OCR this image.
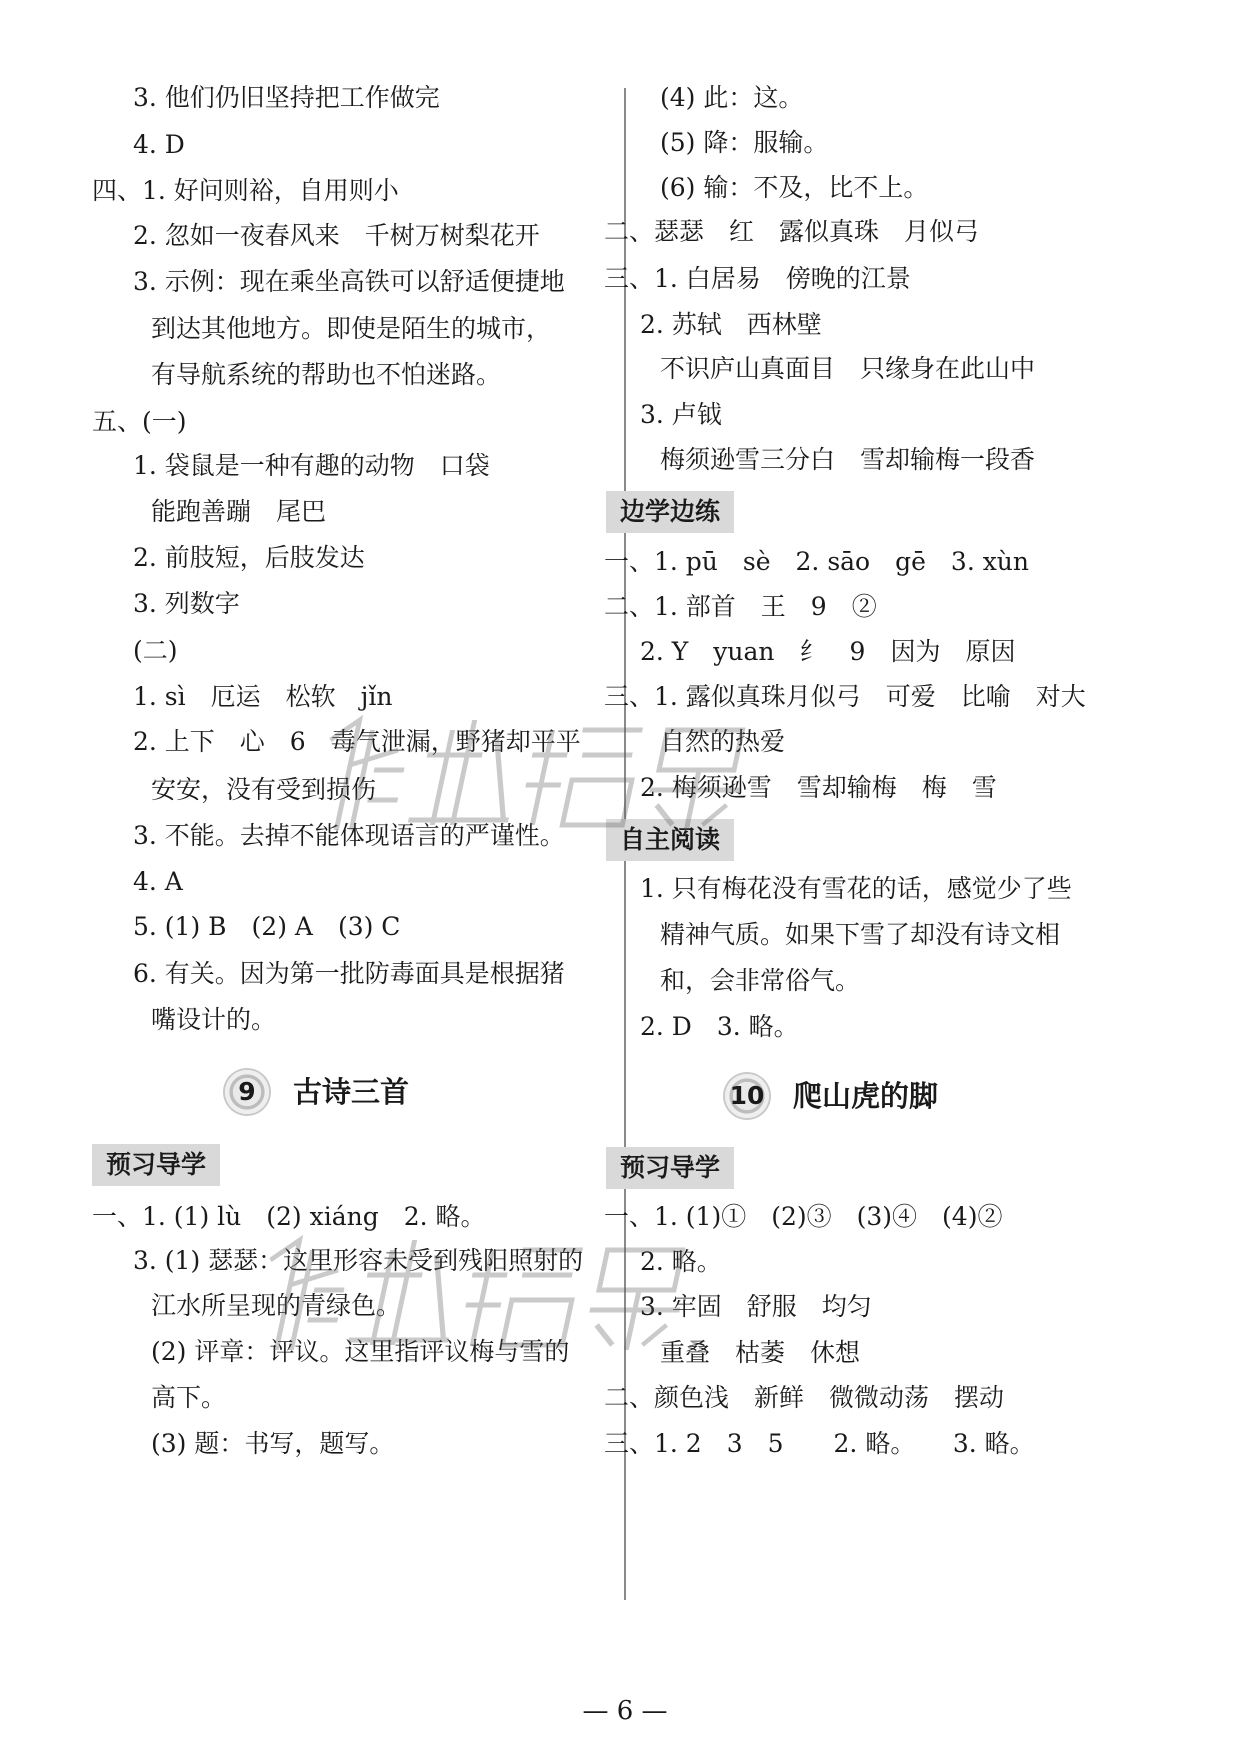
3. 他们仍旧坚持把工作做完
4. D
四、1. 好问则裕，自用则小
2. 忽如一夜春风来　千树万树梨花开
3. 示例：现在乘坐高铁可以舒适便捷地
到达其他地方。即使是陌生的城市，
有导航系统的帮助也不怕迷路。
五、(一)
1. 袋鼠是一种有趣的动物　口袋
能跑善蹦　尾巴
2. 前肢短，后肢发达
3. 列数字
(二)
1. sì　厄运　松软　jǐn
2. 上下　心　6　毒气泄漏，野猪却平平
安安，没有受到损伤
3. 不能。去掉不能体现语言的严谨性。
4. A
5. (1) B　(2) A　(3) C
6. 有关。因为第一批防毒面具是根据猪
嘴设计的。
9	古诗三首
预习导学
一、1. (1) lù　(2) xiáng　2. 略。
3. (1) 瑟瑟：这里形容未受到残阳照射的
江水所呈现的青绿色。
(2) 评章：评议。这里指评议梅与雪的
高下。
(3) 题：书写，题写。
(4) 此：这。
(5) 降：服输。
(6) 输：不及，比不上。
二、瑟瑟　红　露似真珠　月似弓
三、1. 白居易　傍晚的江景
2. 苏轼　西林壁
不识庐山真面目　只缘身在此山中
3. 卢钺
梅须逊雪三分白　雪却输梅一段香
边学边练
一、1. pū　sè　2. sāo　gē　3. xùn
二、1. 部首　王　9　②
2. Y　yuan　纟　9　因为　原因
三、1. 露似真珠月似弓　可爱　比喻　对大
自然的热爱
2. 梅须逊雪　雪却输梅　梅　雪
自主阅读
1. 只有梅花没有雪花的话，感觉少了些
精神气质。如果下雪了却没有诗文相
和，会非常俗气。
2. D　3. 略。
10 爬山虎的脚
预习导学
一、1. (1)①　(2)③　(3)④　(4)②
2. 略。
3. 牢固　舒服　均匀
重叠　枯萎　休想
二、颜色浅　新鲜　微微动荡　摆动
三、1. 2　3　5　　2. 略。　　3. 略。
— 6 —
